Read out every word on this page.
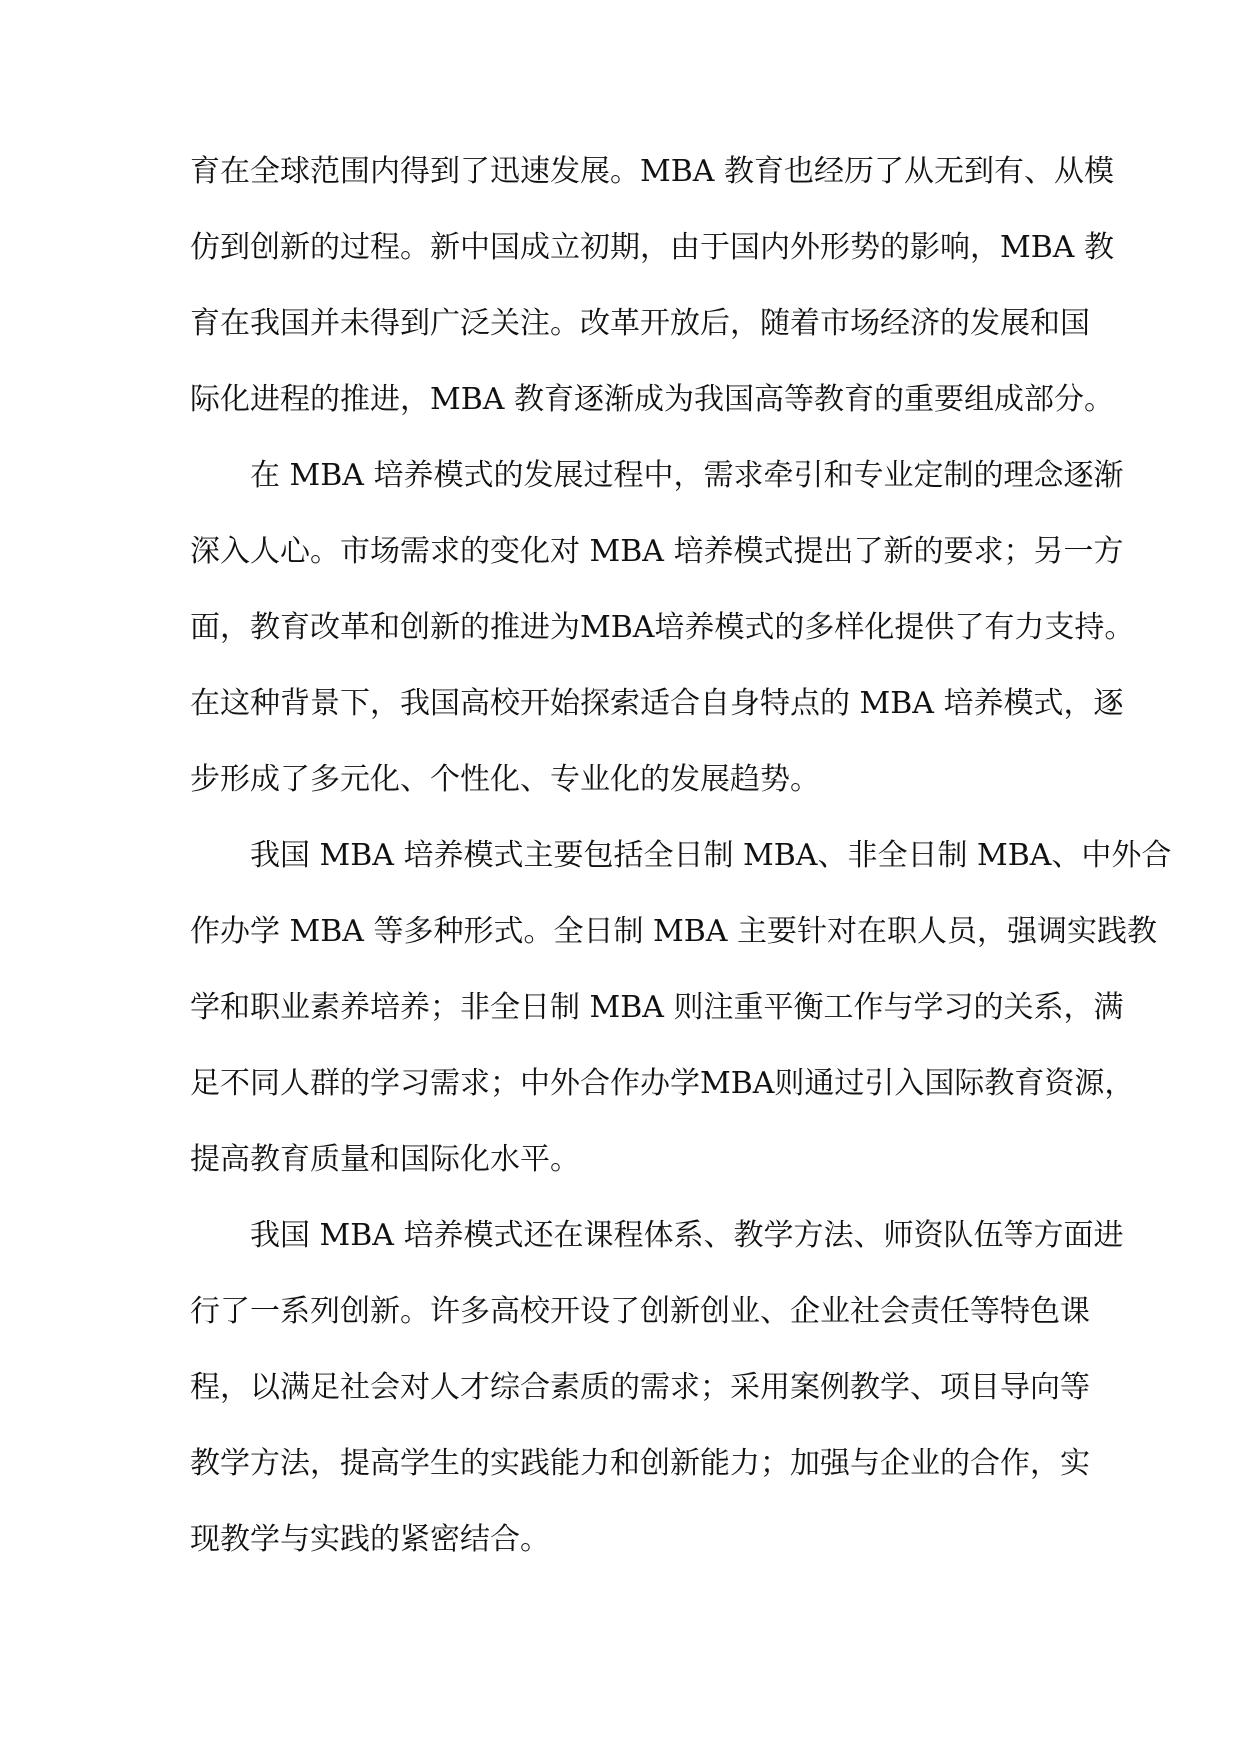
育在全球范围内得到了迅速发展。MBA 教育也经历了从无到有、从模
仿到创新的过程。新中国成立初期，由于国内外形势的影响，MBA 教
育在我国并未得到广泛关注。改革开放后，随着市场经济的发展和国
际化进程的推进，MBA 教育逐渐成为我国高等教育的重要组成部分。
　　在 MBA 培养模式的发展过程中，需求牵引和专业定制的理念逐渐
深入人心。市场需求的变化对 MBA 培养模式提出了新的要求；另一方
面，教育改革和创新的推进为MBA培养模式的多样化提供了有力支持。
在这种背景下，我国高校开始探索适合自身特点的 MBA 培养模式，逐
步形成了多元化、个性化、专业化的发展趋势。
　　我国 MBA 培养模式主要包括全日制 MBA、非全日制 MBA、中外合
作办学 MBA 等多种形式。全日制 MBA 主要针对在职人员，强调实践教
学和职业素养培养；非全日制 MBA 则注重平衡工作与学习的关系，满
足不同人群的学习需求；中外合作办学MBA则通过引入国际教育资源，
提高教育质量和国际化水平。
　　我国 MBA 培养模式还在课程体系、教学方法、师资队伍等方面进
行了一系列创新。许多高校开设了创新创业、企业社会责任等特色课
程，以满足社会对人才综合素质的需求；采用案例教学、项目导向等
教学方法，提高学生的实践能力和创新能力；加强与企业的合作，实
现教学与实践的紧密结合。
